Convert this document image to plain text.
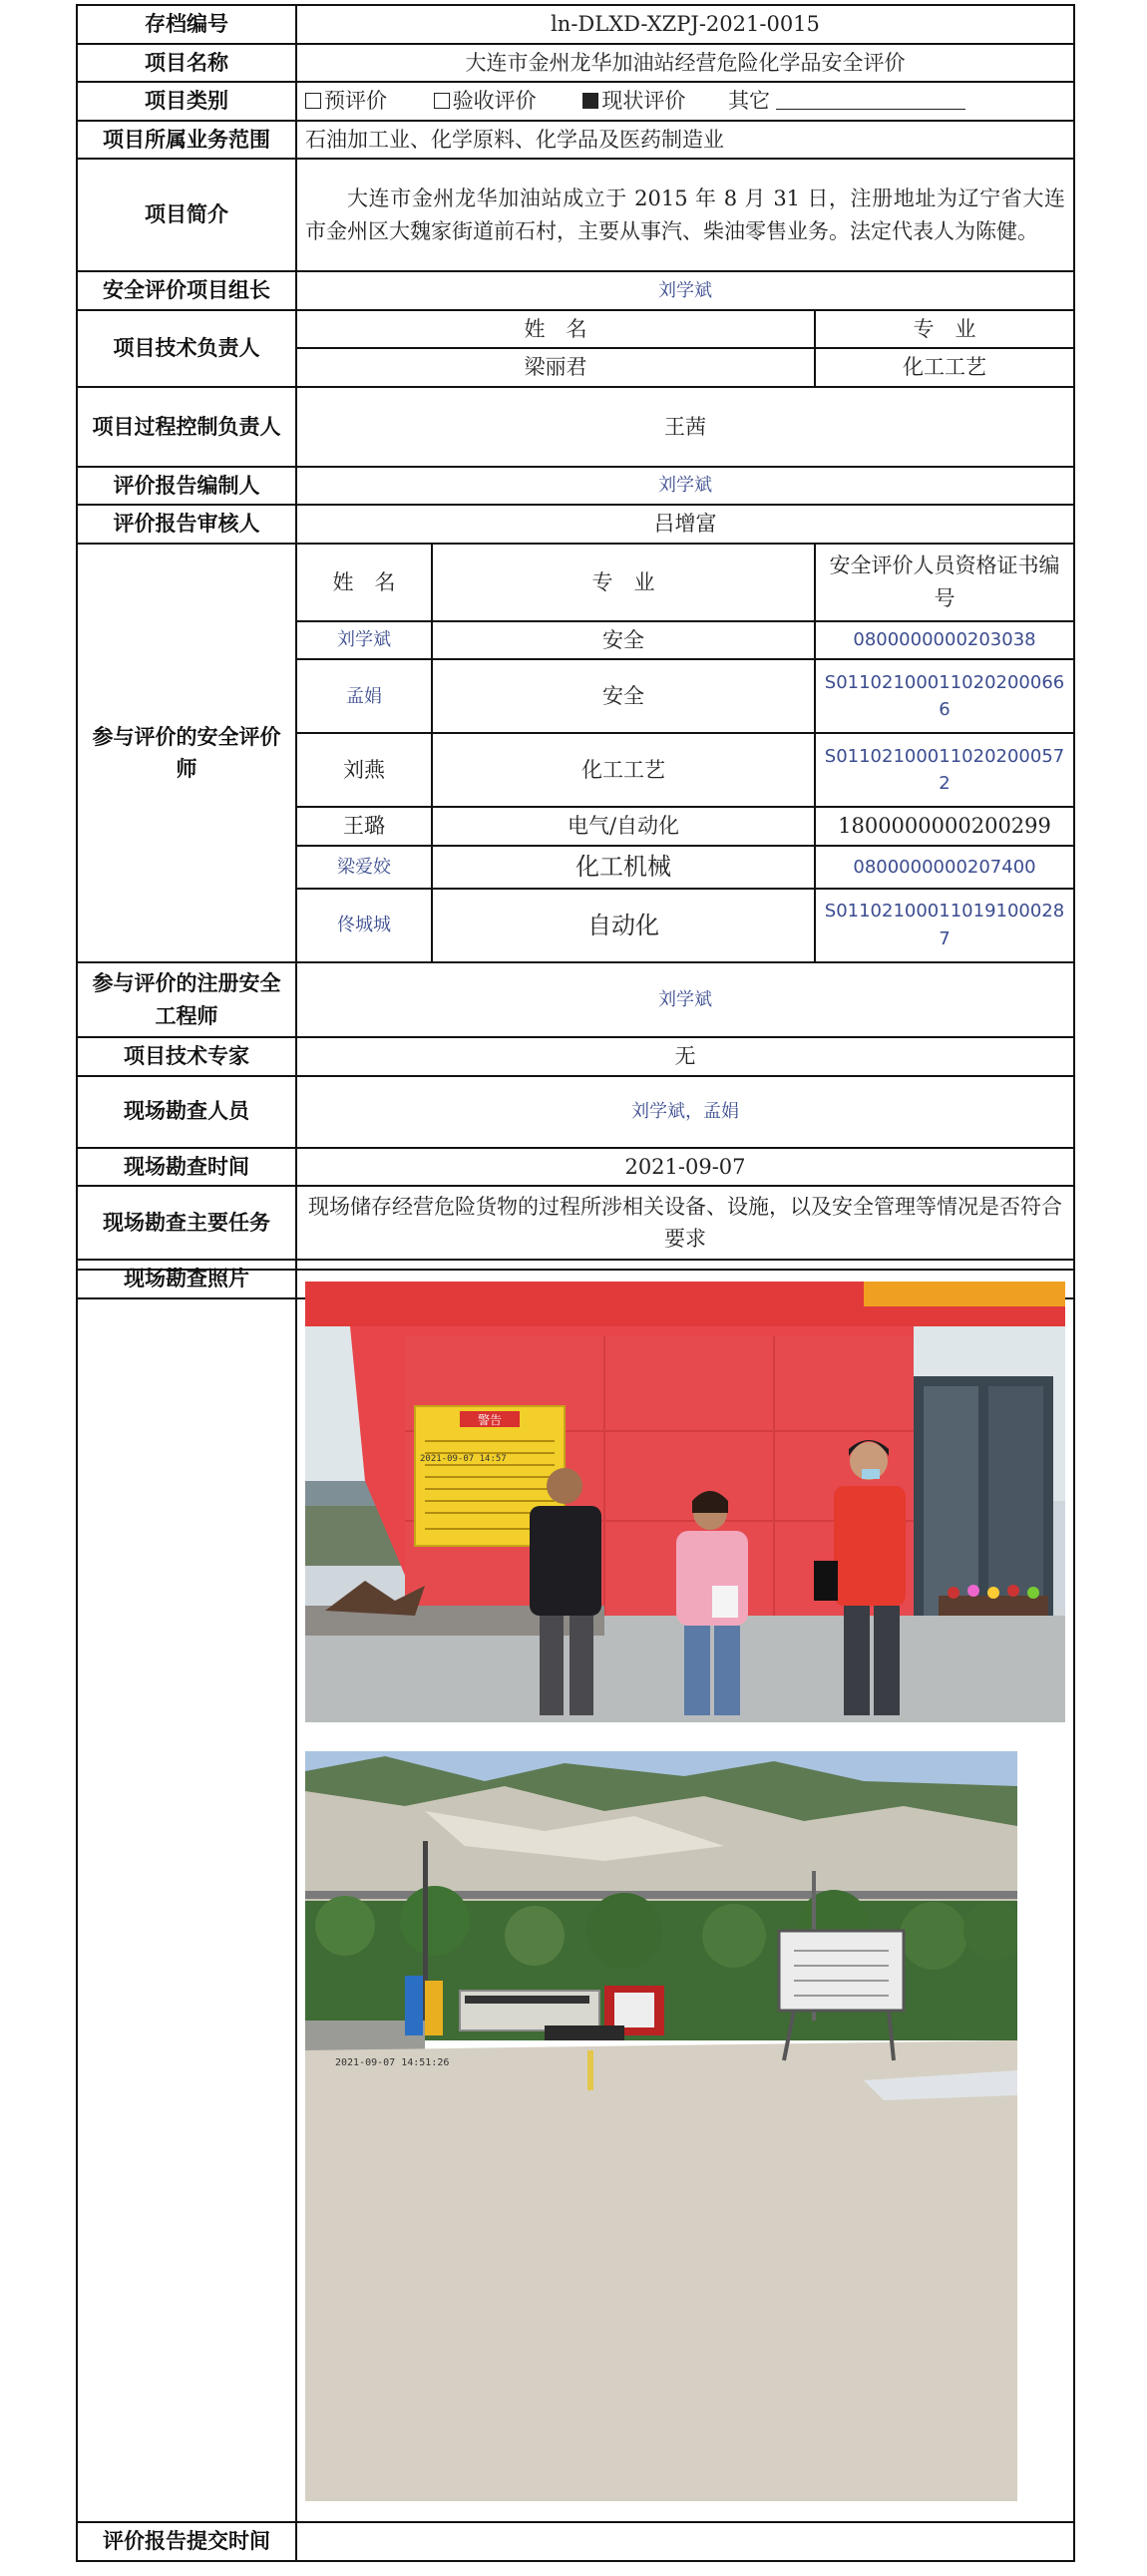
存档编号	ln-DLXD-XZPJ-2021-0015		
项目名称	大连市金州龙华加油站经营危险化学品安全评价		
项目类别	预评价 验收评价 现状评价 其它		
项目所属业务范围	石油加工业、化学原料、化学品及医药制造业		
项目简介	大连市金州龙华加油站成立于 2015 年 8 月 31 日，注册地址为辽宁省大连市金州区大魏家街道前石村，主要从事汽、柴油零售业务。法定代表人为陈健。		
安全评价项目组长	刘学斌		
项目技术负责人	姓　名		专　业
	梁丽君		化工工艺
项目过程控制负责人	王茜		
评价报告编制人	刘学斌		
评价报告审核人	吕增富		
参与评价的安全评价师	姓　名	专　业	安全评价人员资格证书编号
	刘学斌	安全	0800000000203038
	孟娟	安全	S011021000110202000666
	刘燕	化工工艺	S011021000110202000572
	王璐	电气/自动化	1800000000200299
	梁爱姣	化工机械	0800000000207400
	佟城城	自动化	S011021000110191000287
参与评价的注册安全工程师	刘学斌		
项目技术专家	无		
现场勘查人员	刘学斌，孟娟		
现场勘查时间	2021-09-07		
现场勘查主要任务	现场储存经营危险货物的过程所涉相关设备、设施，以及安全管理等情况是否符合要求		
现场勘查照片			

评价报告提交时间	
警告
2021-09-07 14:57
2021-09-07 14:51:26
